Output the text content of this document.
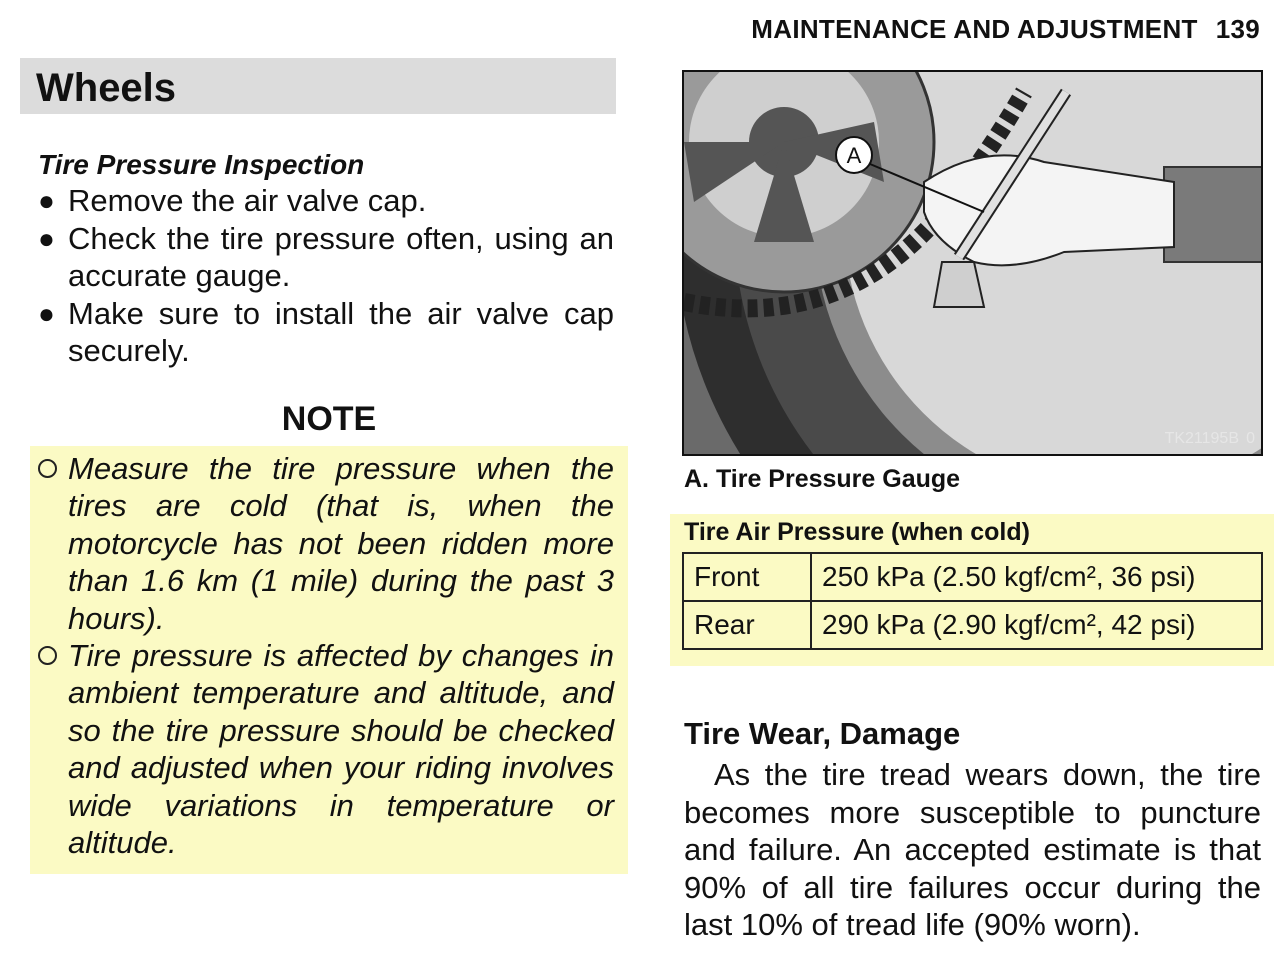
MAINTENANCE AND ADJUSTMENT 139
Wheels
Tire Pressure Inspection
● Remove the air valve cap.
● Check the tire pressure often, using an accurate gauge.
● Make sure to install the air valve cap securely.
NOTE
Measure the tire pressure when the tires are cold (that is, when the motorcycle has not been ridden more than 1.6 km (1 mile) during the past 3 hours).
Tire pressure is affected by changes in ambient temperature and altitude, and so the tire pressure should be checked and adjusted when your riding involves wide variations in temperature or altitude.
A
TK21195B 0
A. Tire Pressure Gauge
Tire Air Pressure (when cold)
Front	250 kPa (2.50 kgf/cm², 36 psi)
Rear	290 kPa (2.90 kgf/cm², 42 psi)
Tire Wear, Damage

As the tire tread wears down, the tire becomes more susceptible to puncture and failure. An accepted estimate is that 90% of all tire failures occur during the last 10% of tread life (90% worn).
